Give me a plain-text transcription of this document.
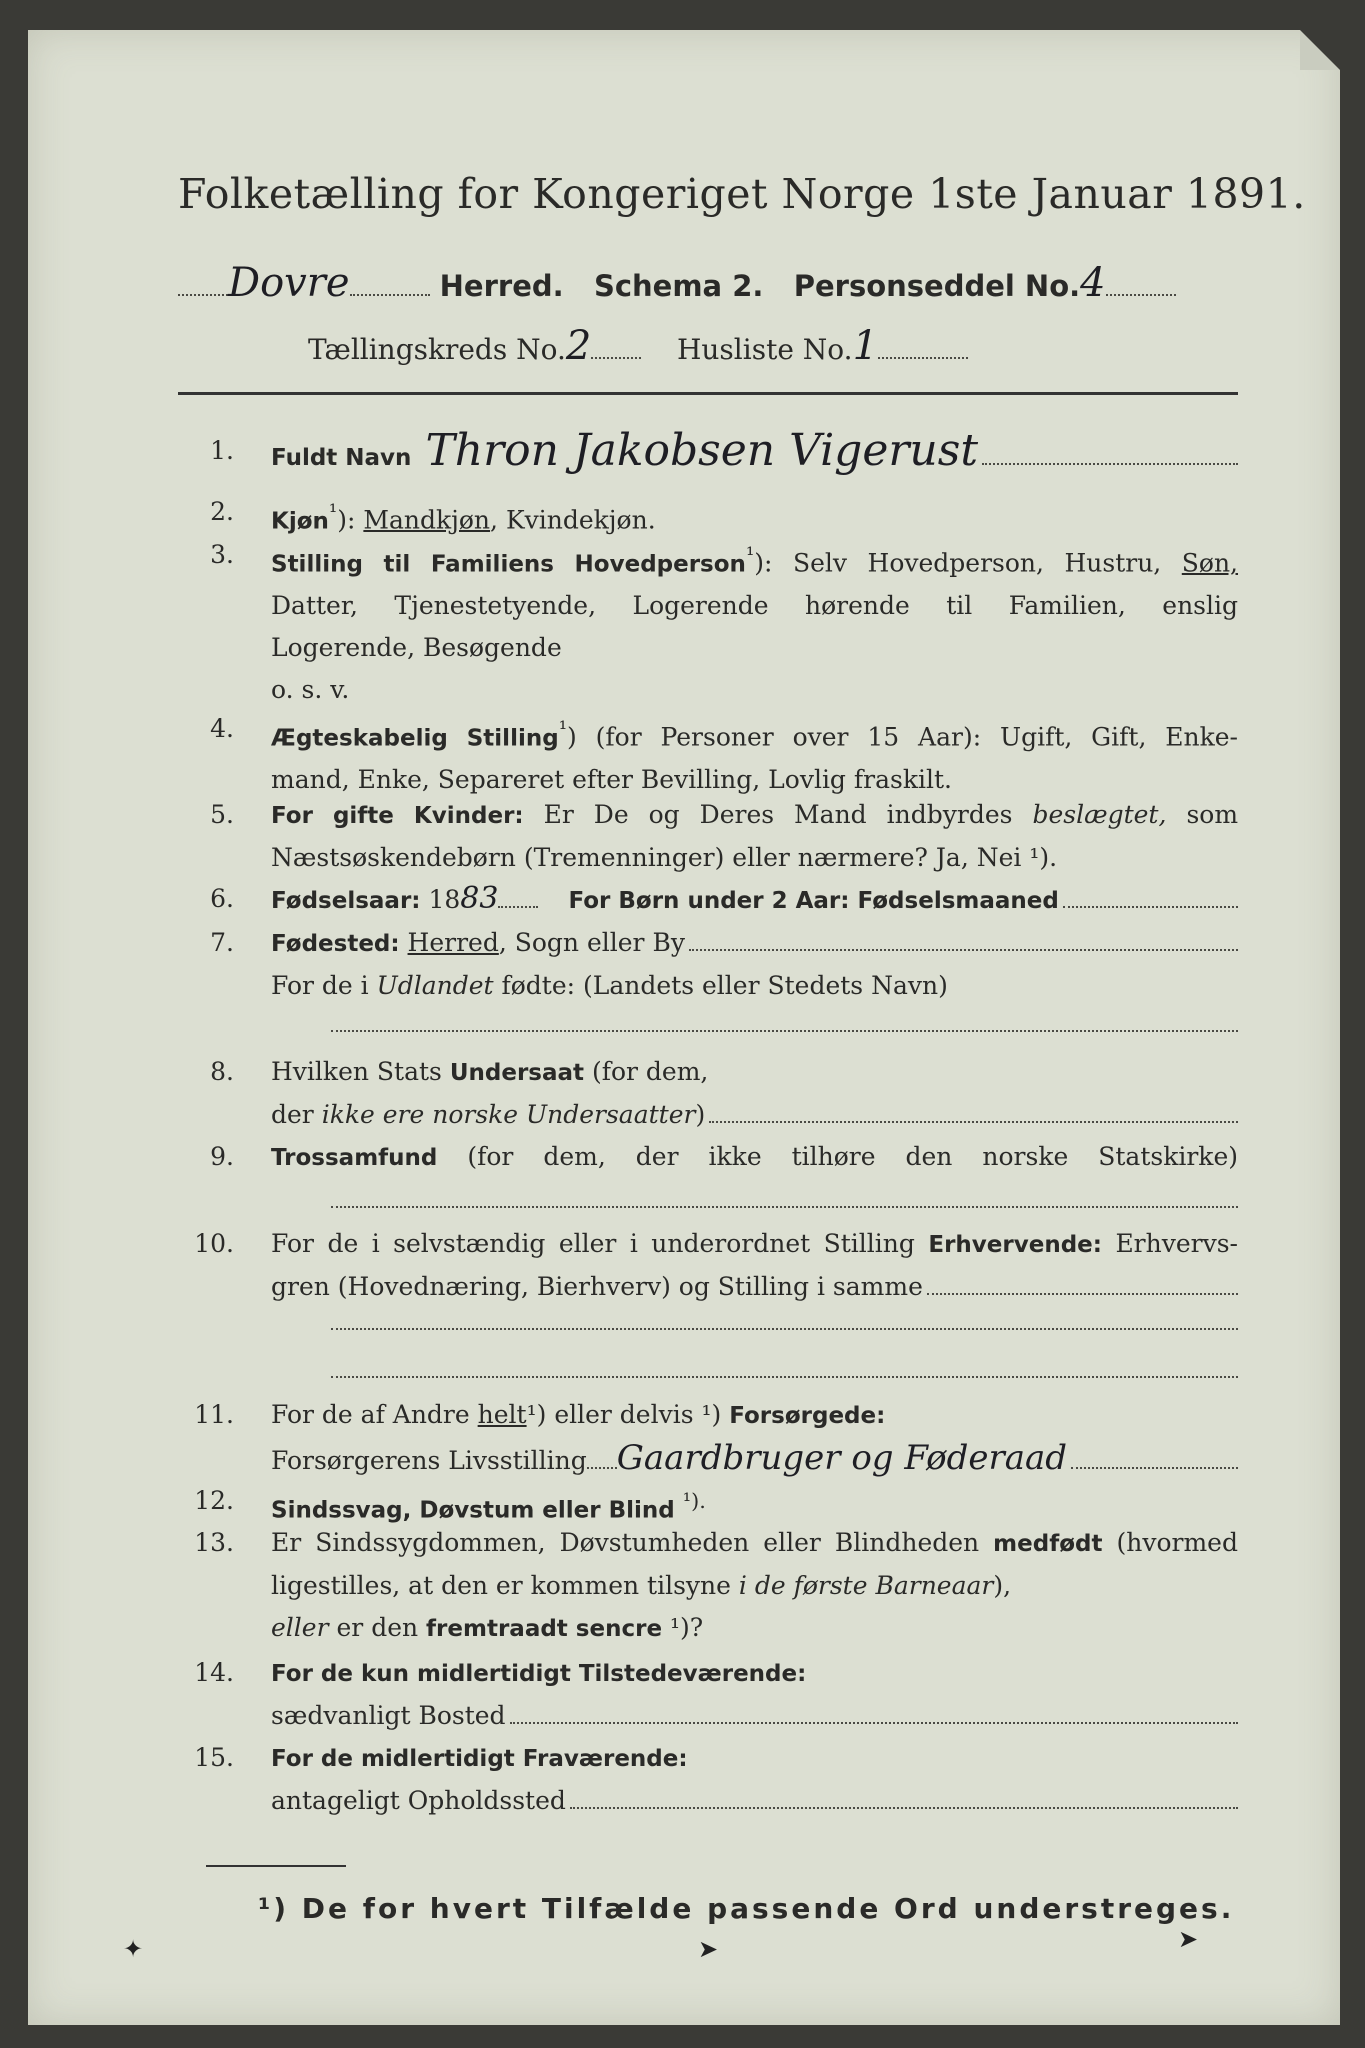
Folketælling for Kongeriget Norge 1ste Januar 1891.
Dovre	Herred. Schema 2. Personseddel No.4
Tællingskreds No.2	Husliste No.1
1. Fuldt Navn Thron Jakobsen Vigerust
2. Kjøn$^{^1}$): Mandkjøn, Kvindekjøn.
3. Stilling til Familiens Hovedperson$^{^1}$): Selv Hovedperson, Hustru, Søn,
Datter, Tjenestetyende, Logerende hørende til Familien, enslig
Logerende, Besøgende
o. s. v.
4. Ægteskabelig Stilling$^{^1}$) (for Personer over 15 Aar): Ugift, Gift, Enke-
mand, Enke, Separeret efter Bevilling, Lovlig fraskilt.
5. For gifte Kvinder: Er De og Deres Mand indbyrdes beslægtet, som
Næstsøskendebørn (Tremenninger) eller nærmere? Ja, Nei ¹).
6. Fødselsaar:
18 83	For Børn under 2 Aar: Fødselsmaaned
7. Fødested:
Herred , Sogn eller By
For de i Udlandet fødte: (Landets eller Stedets Navn)
8. Hvilken Stats Undersaat (for dem,
der
ikke ere norske Undersaatter )
9. Trossamfund (for dem, der ikke tilhøre den norske Statskirke)
10. For de i selvstændig eller i underordnet Stilling Erhvervende: Erhvervs-
gren (Hovednæring, Bierhverv) og Stilling i samme
11. For de af Andre helt¹) eller delvis ¹) Forsørgede:
Forsørgerens Livsstilling Gaardbruger og Føderaad
12. Sindssvag, Døvstum eller Blind $^{^1).}$
13. Er Sindssygdommen, Døvstumheden eller Blindheden medfødt (hvormed
ligestilles, at den er kommen tilsyne i de første Barneaar),
eller er den fremtraadt sencre ¹)?
14. For de kun midlertidigt Tilstedeværende:
sædvanligt Bosted
15. For de midlertidigt Fraværende:
antageligt Opholdssted
¹) De for hvert Tilfælde passende Ord understreges.
✦	➤	➤
